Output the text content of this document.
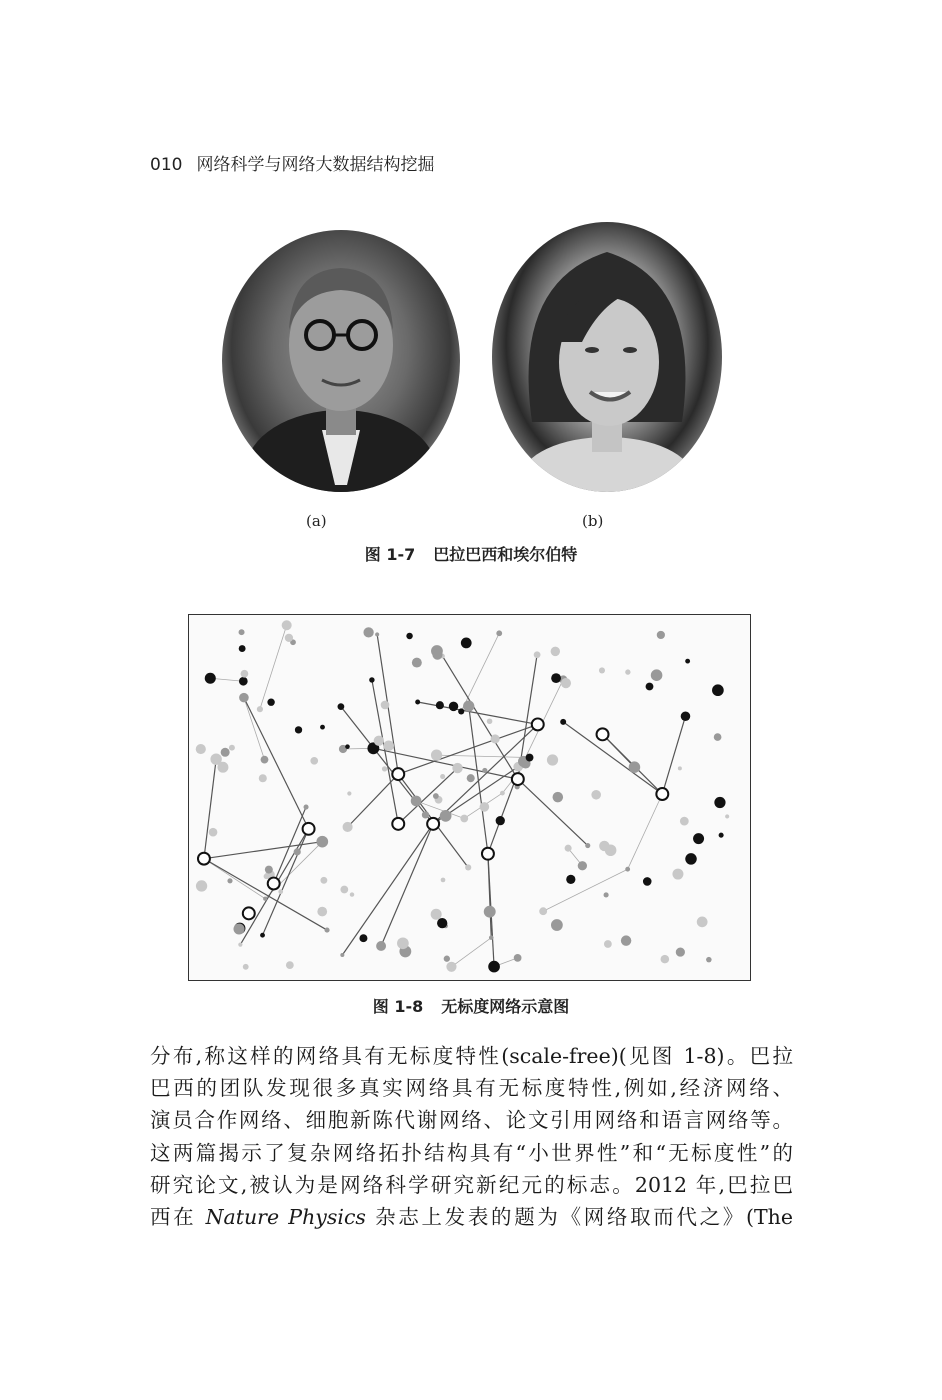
010 网络科学与网络大数据结构挖掘
(a)	(b)
图 1-7 巴拉巴西和埃尔伯特
图 1-8 无标度网络示意图
分布,称这样的网络具有无标度特性(scale-free)(见图 1-8)。巴拉
巴西的团队发现很多真实网络具有无标度特性,例如,经济网络、
演员合作网络、细胞新陈代谢网络、论文引用网络和语言网络等。
这两篇揭示了复杂网络拓扑结构具有“小世界性”和“无标度性”的
研究论文,被认为是网络科学研究新纪元的标志。2012 年,巴拉巴
西在 Nature Physics 杂志上发表的题为《网络取而代之》(The
